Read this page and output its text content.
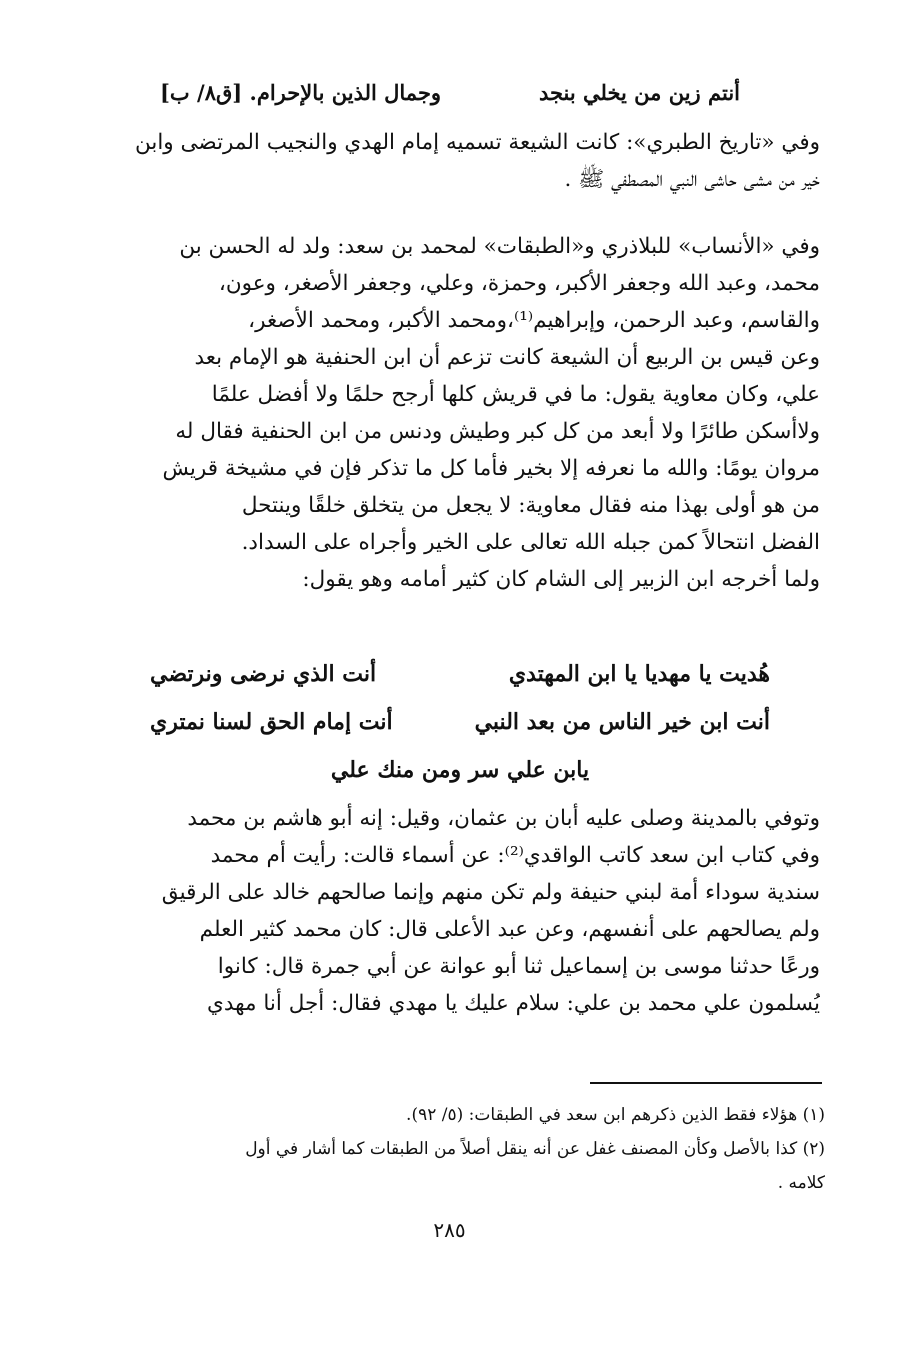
أنتم زين من يخلي بنجد
وجمال الذين بالإحرام. [ق٨/ ب]
وفي «تاريخ الطبري»: كانت الشيعة تسميه إمام الهدي والنجيب المرتضى وابن
خير من مشى حاشى النبي المصطفي ﷺ .
وفي «الأنساب» للبلاذري و«الطبقات» لمحمد بن سعد: ولد له الحسن بن
محمد، وعبد الله وجعفر الأكبر، وحمزة، وعلي، وجعفر الأصغر، وعون،
والقاسم، وعبد الرحمن، وإبراهيم⁽¹⁾،ومحمد الأكبر، ومحمد الأصغر،
وعن قيس بن الربيع أن الشيعة كانت تزعم أن ابن الحنفية هو الإمام بعد
علي، وكان معاوية يقول: ما في قريش كلها أرجح حلمًا ولا أفضل علمًا
ولاأسكن طائرًا ولا أبعد من كل كبر وطيش ودنس من ابن الحنفية فقال له
مروان يومًا: والله ما نعرفه إلا بخير فأما كل ما تذكر فإن في مشيخة قريش
من هو أولى بهذا منه فقال معاوية: لا يجعل من يتخلق خلقًا وينتحل
الفضل انتحالاً كمن جبله الله تعالى على الخير وأجراه على السداد.
ولما أخرجه ابن الزبير إلى الشام كان كثير أمامه وهو يقول:
هُديت يا مهديا يا ابن المهتدي
أنت الذي نرضى ونرتضي
أنت ابن خير الناس من بعد النبي
أنت إمام الحق لسنا نمتري
يابن علي سر ومن منك علي
وتوفي بالمدينة وصلى عليه أبان بن عثمان، وقيل: إنه أبو هاشم بن محمد
وفي كتاب ابن سعد كاتب الواقدي⁽²⁾: عن أسماء قالت: رأيت أم محمد
سندية سوداء أمة لبني حنيفة ولم تكن منهم وإنما صالحهم خالد على الرقيق
ولم يصالحهم على أنفسهم، وعن عبد الأعلى قال: كان محمد كثير العلم
ورعًا حدثنا موسى بن إسماعيل ثنا أبو عوانة عن أبي جمرة قال: كانوا
يُسلمون علي محمد بن علي: سلام عليك يا مهدي فقال: أجل أنا مهدي
(١) هؤلاء فقط الذين ذكرهم ابن سعد في الطبقات: (٥/ ٩٢).
(٢) كذا بالأصل وكأن المصنف غفل عن أنه ينقل أصلاً من الطبقات كما أشار في أول
كلامه .
٢٨٥
